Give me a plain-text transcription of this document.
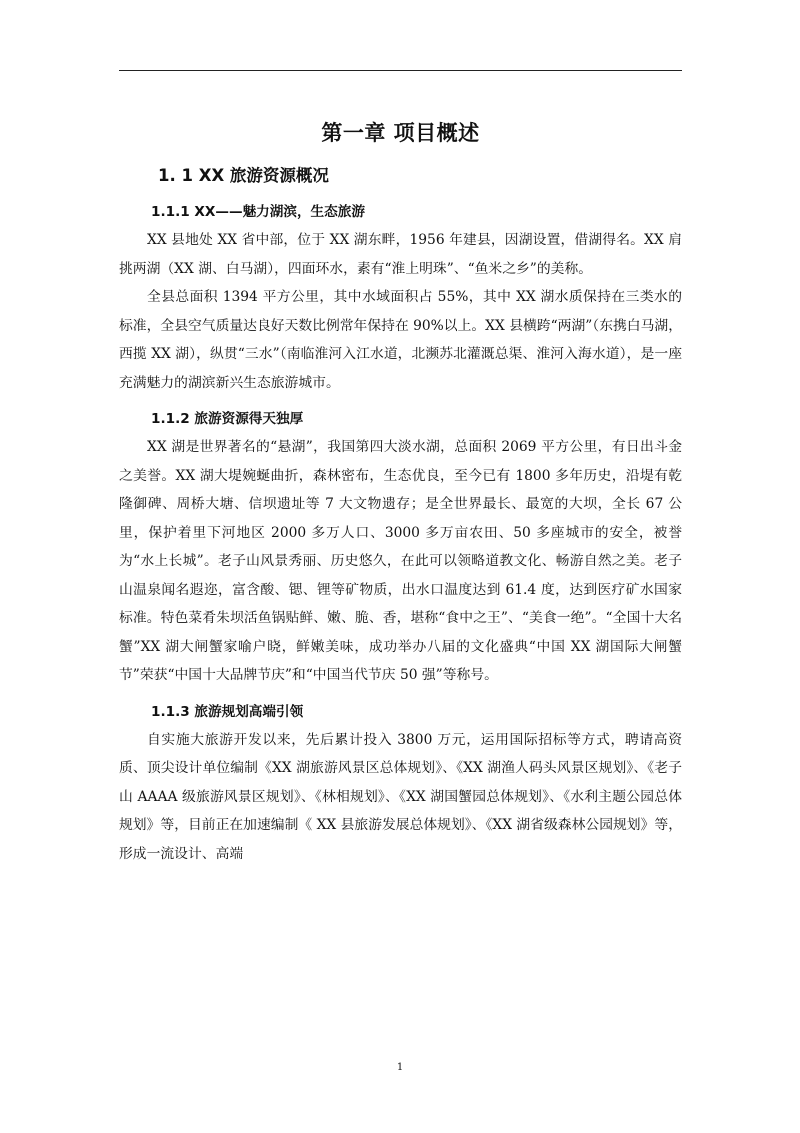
第一章 项目概述
1. 1 XX 旅游资源概况
1.1.1 XX——魅力湖滨，生态旅游

XX 县地处 XX 省中部，位于 XX 湖东畔，1956 年建县，因湖设置，借湖得名。XX 肩挑两湖（XX 湖、白马湖），四面环水，素有“淮上明珠”、“鱼米之乡”的美称。

全县总面积 1394 平方公里，其中水域面积占 55%，其中 XX 湖水质保持在三类水的标准，全县空气质量达良好天数比例常年保持在 90%以上。XX 县横跨“两湖”（东携白马湖，西揽 XX 湖），纵贯“三水”（南临淮河入江水道，北濒苏北灌溉总渠、淮河入海水道），是一座充满魅力的湖滨新兴生态旅游城市。

1.1.2 旅游资源得天独厚

XX 湖是世界著名的“悬湖”，我国第四大淡水湖，总面积 2069 平方公里，有日出斗金之美誉。XX 湖大堤婉蜒曲折，森林密布，生态优良，至今已有 1800 多年历史，沿堤有乾隆御碑、周桥大塘、信坝遗址等 7 大文物遗存；是全世界最长、最宽的大坝，全长 67 公里，保护着里下河地区 2000 多万人口、3000 多万亩农田、50 多座城市的安全，被誉为“水上长城”。老子山风景秀丽、历史悠久，在此可以领略道教文化、畅游自然之美。老子山温泉闻名遐迩，富含酸、锶、锂等矿物质，出水口温度达到 61.4 度，达到医疗矿水国家标准。特色菜肴朱坝活鱼锅贴鲜、嫩、脆、香，堪称“食中之王”、“美食一绝”。“全国十大名蟹”XX 湖大闸蟹家喻户晓，鲜嫩美味，成功举办八届的文化盛典“中国 XX 湖国际大闸蟹节”荣获“中国十大品牌节庆”和“中国当代节庆 50 强”等称号。

1.1.3 旅游规划高端引领

自实施大旅游开发以来，先后累计投入 3800 万元，运用国际招标等方式，聘请高资质、顶尖设计单位编制《XX 湖旅游风景区总体规划》、《XX 湖渔人码头风景区规划》、《老子山 AAAA 级旅游风景区规划》、《林相规划》、《XX 湖国蟹园总体规划》、《水利主题公园总体规划》等，目前正在加速编制《 XX 县旅游发展总体规划》、《XX 湖省级森林公园规划》等，形成一流设计、高端

1
